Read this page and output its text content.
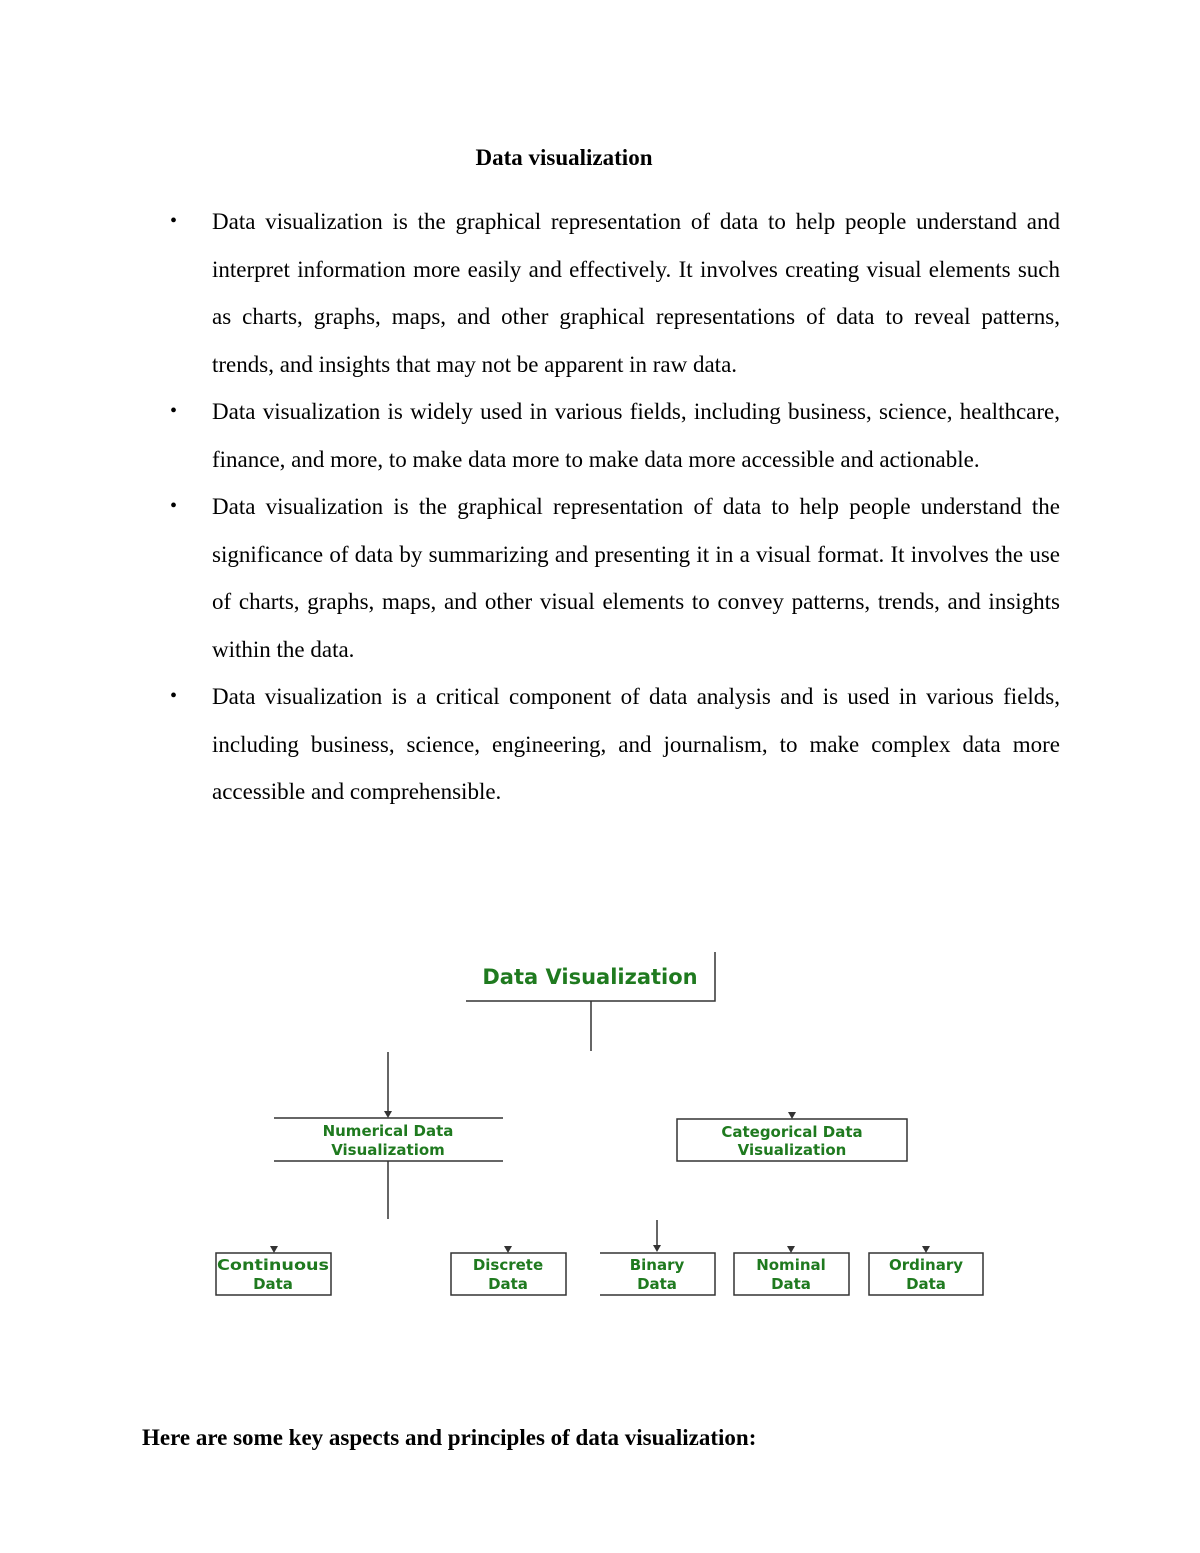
Data visualization
•	Data visualization is the graphical representation of data to help people understand and interpret information more easily and effectively. It involves creating visual elements such as charts, graphs, maps, and other graphical representations of data to reveal patterns, trends, and insights that may not be apparent in raw data.
•	Data visualization is widely used in various fields, including business, science, healthcare, finance, and more, to make data more to make data more accessible and actionable.
•	Data visualization is the graphical representation of data to help people understand the significance of data by summarizing and presenting it in a visual format. It involves the use of charts, graphs, maps, and other visual elements to convey patterns, trends, and insights within the data.
•	Data visualization is a critical component of data analysis and is used in various fields, including business, science, engineering, and journalism, to make complex data more accessible and comprehensible.
Data Visualization
Numerical Data
Visualizatiom
Categorical Data
Visualization
Continuous
Data
Discrete
Data
Binary
Data
Nominal
Data
Ordinary
Data
Here are some key aspects and principles of data visualization:
